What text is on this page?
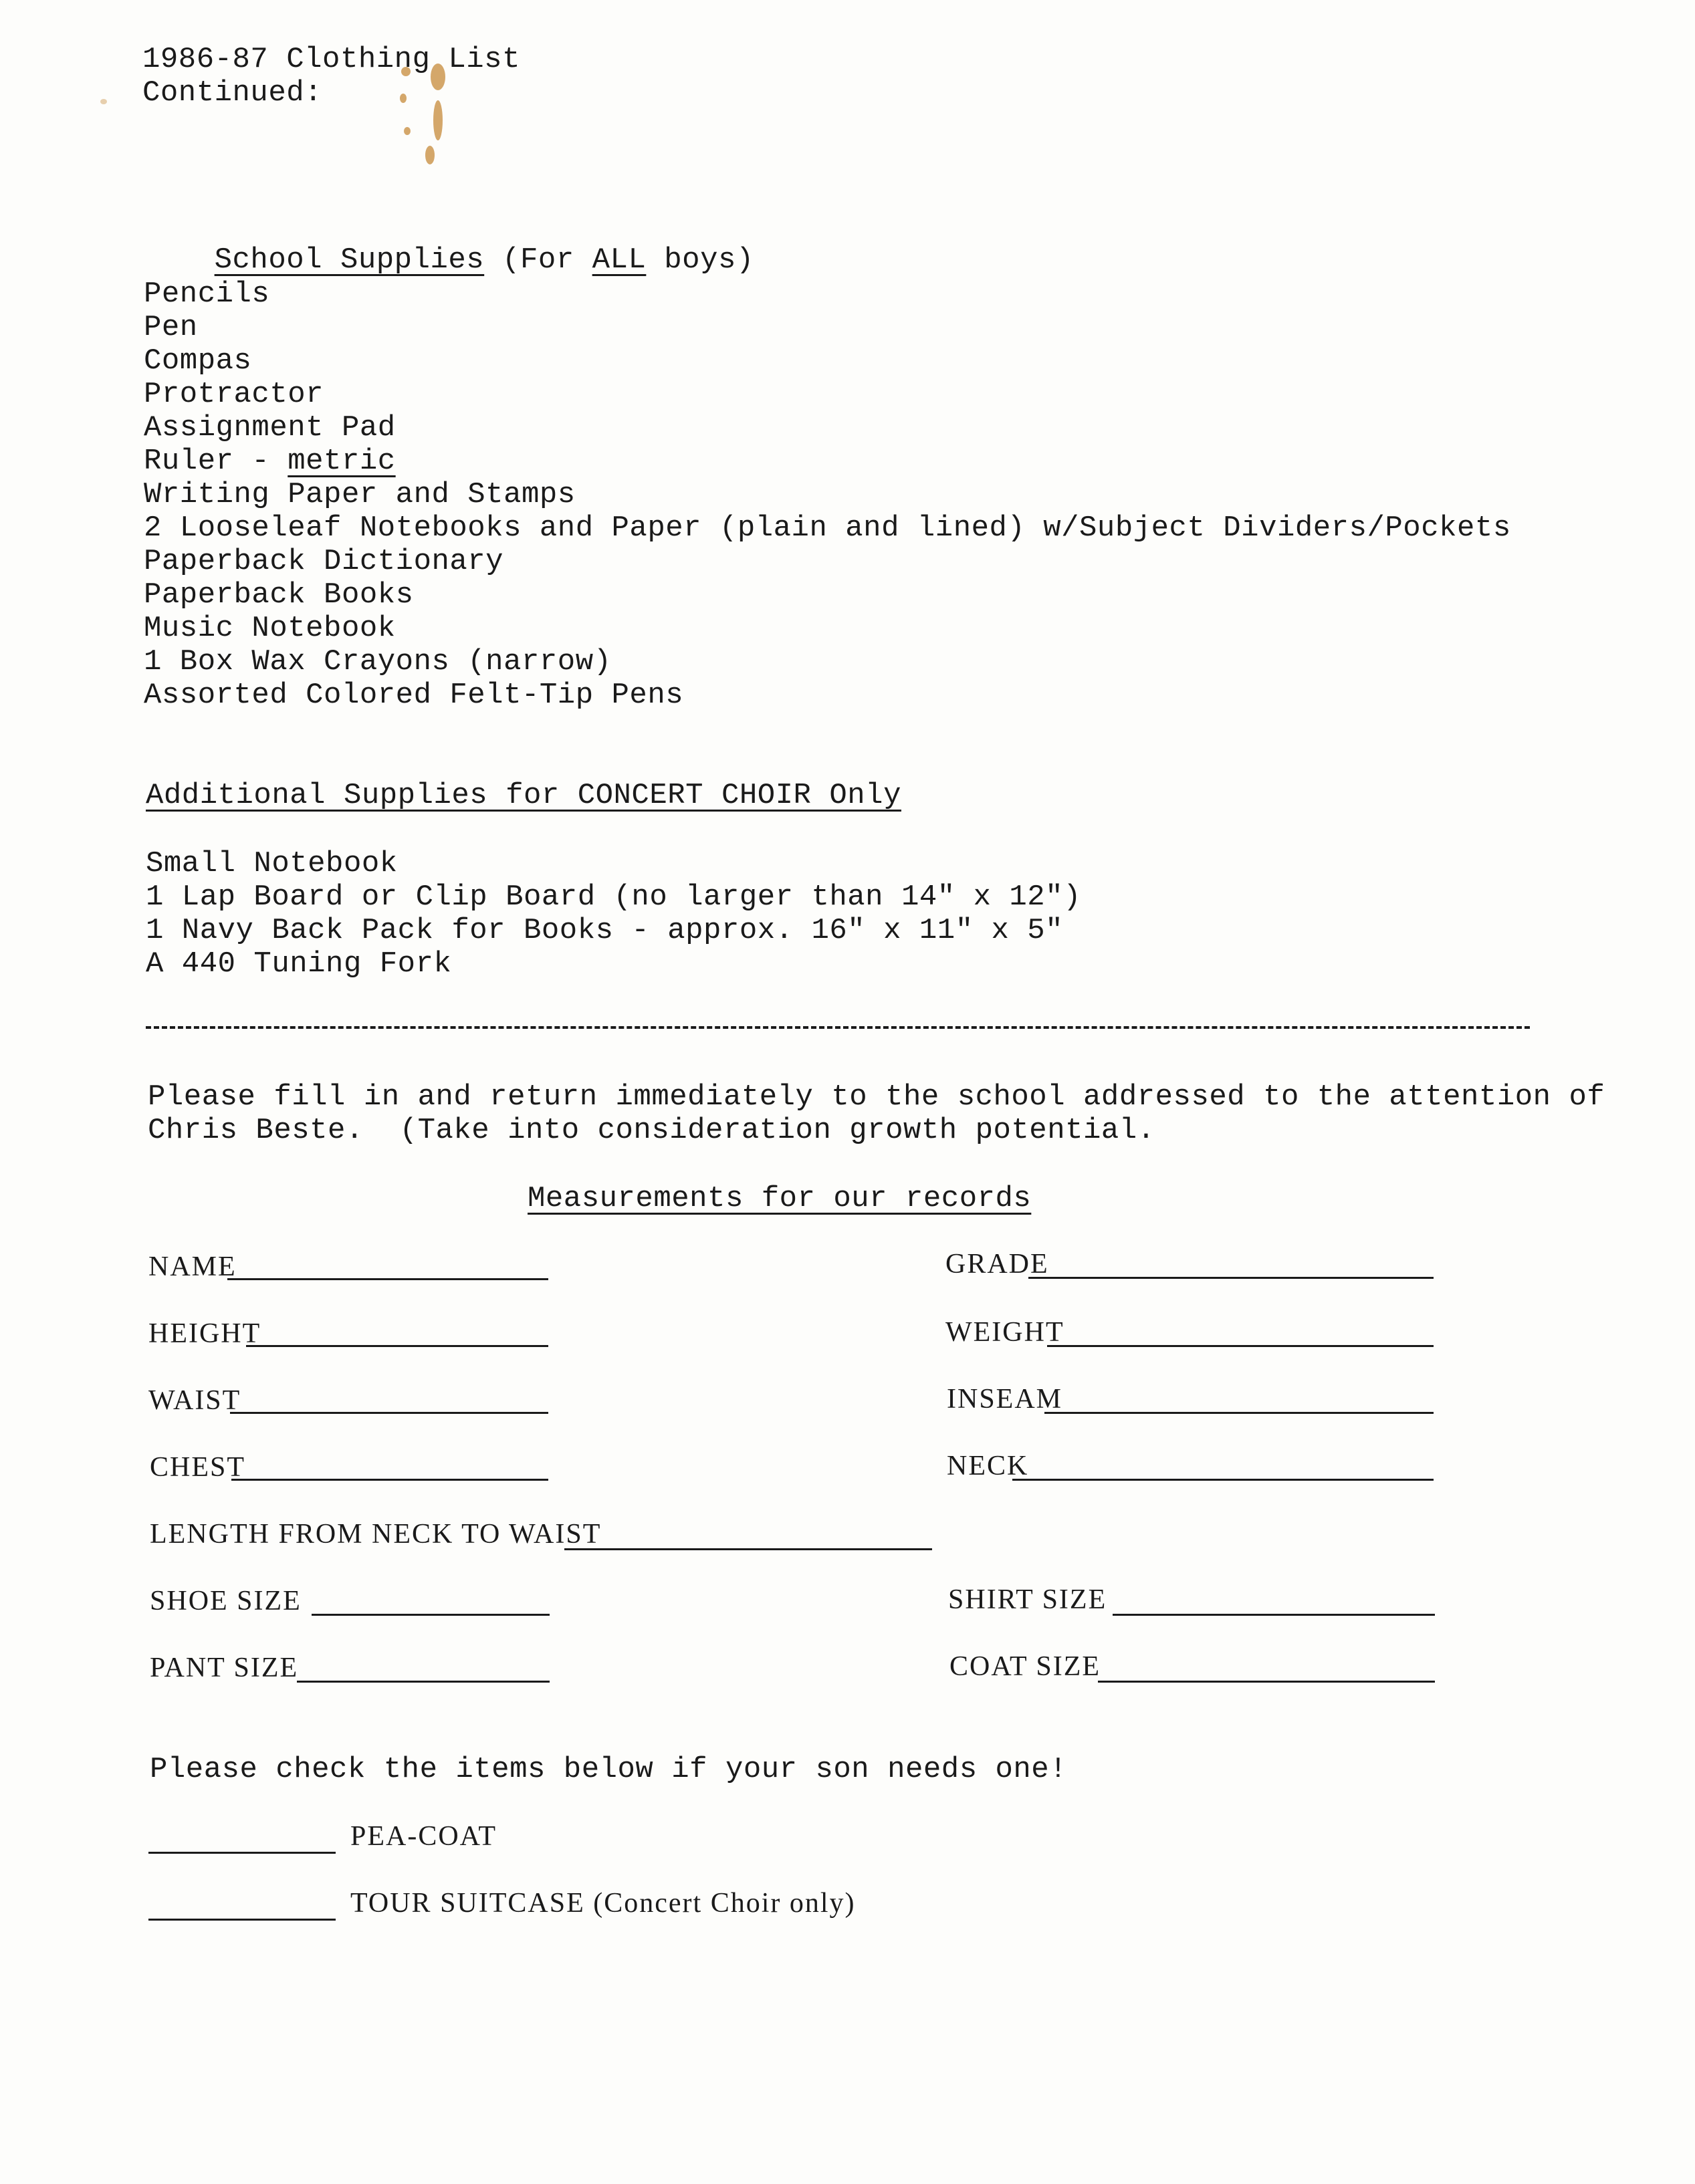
1986-87 Clothing List
Continued:

School Supplies (For ALL boys)

Pencils
Pen
Compas
Protractor
Assignment Pad
Ruler - metric
Writing Paper and Stamps
2 Looseleaf Notebooks and Paper (plain and lined) w/Subject Dividers/Pockets
Paperback Dictionary
Paperback Books
Music Notebook
1 Box Wax Crayons (narrow)
Assorted Colored Felt-Tip Pens
Additional Supplies for CONCERT CHOIR Only
Small Notebook
1 Lap Board or Clip Board (no larger than 14" x 12")
1 Navy Back Pack for Books - approx. 16" x 11" x 5"
A 440 Tuning Fork
Please fill in and return immediately to the school addressed to the attention of
Chris Beste.  (Take into consideration growth potential.
Measurements for our records
NAME	GRADE
HEIGHT	WEIGHT
WAIST	INSEAM
CHEST	NECK
LENGTH FROM NECK TO WAIST
SHOE SIZE	SHIRT SIZE
PANT SIZE	COAT SIZE
Please check the items below if your son needs one!
PEA-COAT
TOUR SUITCASE (Concert Choir only)
